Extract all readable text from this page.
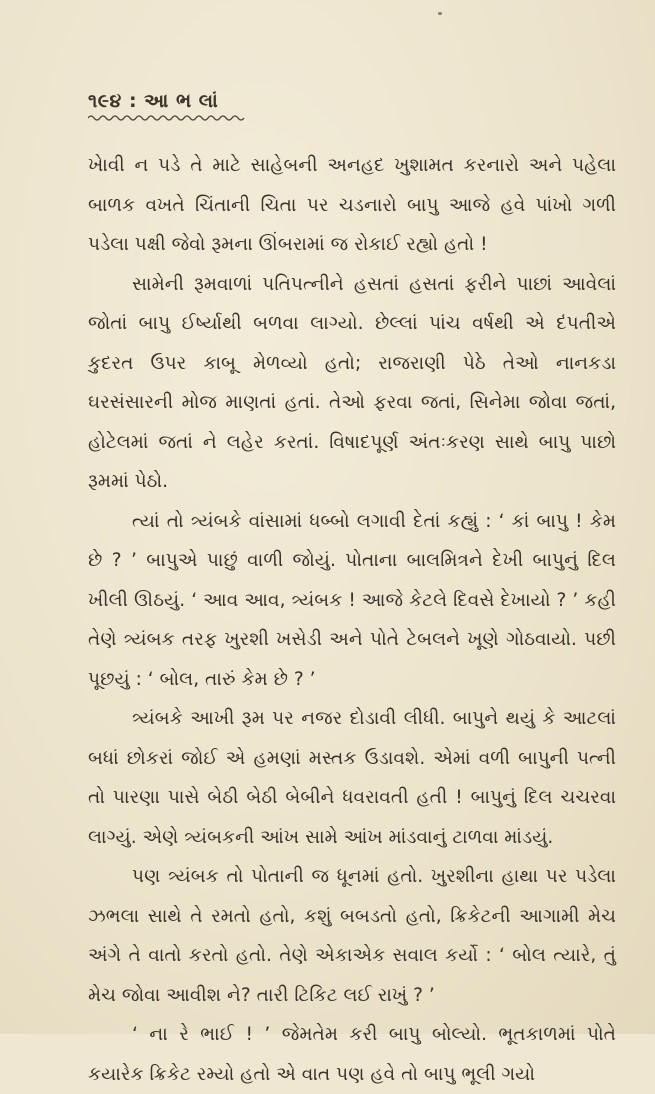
૧૯૪ : આ ભ લાં

ખેાવી ન પડે તે માટે સાહેબની અનહદ ખુશામત કરનારો અને પહેલા બાળક વખતે ચિંતાની ચિતા પર ચડનારો બાપુ આજે હવે પાંખો ગળી પડેલા પક્ષી જેવો રૂમના ઊંબરામાં જ રોકાઈ રહ્યો હતો !

સામેની રૂમવાળાં પતિપત્નીને હસતાં હસતાં ફરીને પાછાં આવેલાં જોતાં બાપુ ઈર્ષ્યાથી બળવા લાગ્યો. છેલ્લાં પાંચ વર્ષથી એ દંપતીએ કુદરત ઉપર કાબૂ મેળવ્યો હતો; રાજરાણી પેઠે તેઓ નાનકડા ઘરસંસારની મોજ માણતાં હતાં. તેઓ ફરવા જતાં, સિનેમા જોવા જતાં, હોટેલમાં જતાં ને લહેર કરતાં. વિષાદપૂર્ણ અંતઃકરણ સાથે બાપુ પાછો રૂમમાં પેઠો.

ત્યાં તો ત્ર્યંબકે વાંસામાં ધબ્બો લગાવી દેતાં કહ્યું : ‘ કાં બાપુ ! કેમ છે ? ’ બાપુએ પાછું વાળી જોયું. પોતાના બાલમિત્રને દેખી બાપુનું દિલ ખીલી ઊઠયું. ‘ આવ આવ, ત્ર્યંબક ! આજે કેટલે દિવસે દેખાયો ? ’ કહી તેણે ત્ર્યંબક તરફ ખુરશી ખસેડી અને પોતે ટેબલને ખૂણે ગોઠવાયો. પછી પૂછયું : ‘ બોલ, તારું કેમ છે ? ’

ત્ર્યંબકે આખી રૂમ પર નજર દોડાવી લીધી. બાપુને થયું કે આટલાં બધાં છોકરાં જોઈ એ હમણાં મસ્તક ઉડાવશે. એમાં વળી બાપુની પત્ની તો પારણા પાસે બેઠી બેઠી બેબીને ધવરાવતી હતી ! બાપુનું દિલ ચચરવા લાગ્યું. એણે ત્ર્યંબકની આંખ સામે આંખ માંડવાનું ટાળવા માંડયું.

પણ ત્ર્યંબક તો પોતાની જ ધૂનમાં હતો. ખુરશીના હાથા પર પડેલા ઝભલા સાથે તે રમતો હતો, કશું બબડતો હતો, ક્રિકેટની આગામી મેચ અંગે તે વાતો કરતો હતો. તેણે એકાએક સવાલ કર્યો : ‘ બોલ ત્યારે, તું મેચ જોવા આવીશ ને? તારી ટિકિટ લઈ રાખું ? ’

‘ ના રે ભાઈ ! ’ જેમતેમ કરી બાપુ બોલ્યો. ભૂતકાળમાં પોતે કયારેક ક્રિકેટ રમ્યો હતો એ વાત પણ હવે તો બાપુ ભૂલી ગયો
